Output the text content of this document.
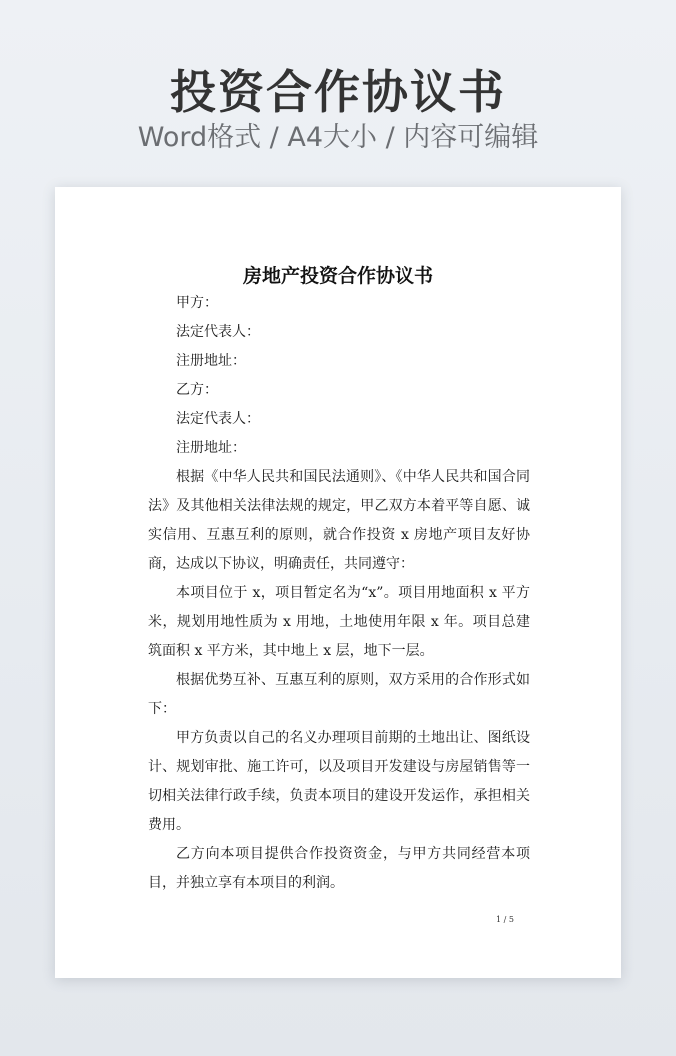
投资合作协议书
Word格式 / A4大小 / 内容可编辑
房地产投资合作协议书
甲方：
法定代表人：
注册地址：
乙方：
法定代表人：
注册地址：

根据《中华人民共和国民法通则》、《中华人民共和国合同法》及其他相关法律法规的规定，甲乙双方本着平等自愿、诚实信用、互惠互利的原则，就合作投资 x 房地产项目友好协商，达成以下协议，明确责任，共同遵守：

本项目位于 x，项目暂定名为“x”。项目用地面积 x 平方米，规划用地性质为 x 用地，土地使用年限 x 年。项目总建筑面积 x 平方米，其中地上 x 层，地下一层。

根据优势互补、互惠互利的原则，双方采用的合作形式如下：

甲方负责以自己的名义办理项目前期的土地出让、图纸设计、规划审批、施工许可，以及项目开发建设与房屋销售等一切相关法律行政手续，负责本项目的建设开发运作，承担相关费用。

乙方向本项目提供合作投资资金，与甲方共同经营本项目，并独立享有本项目的利润。

1 / 5
